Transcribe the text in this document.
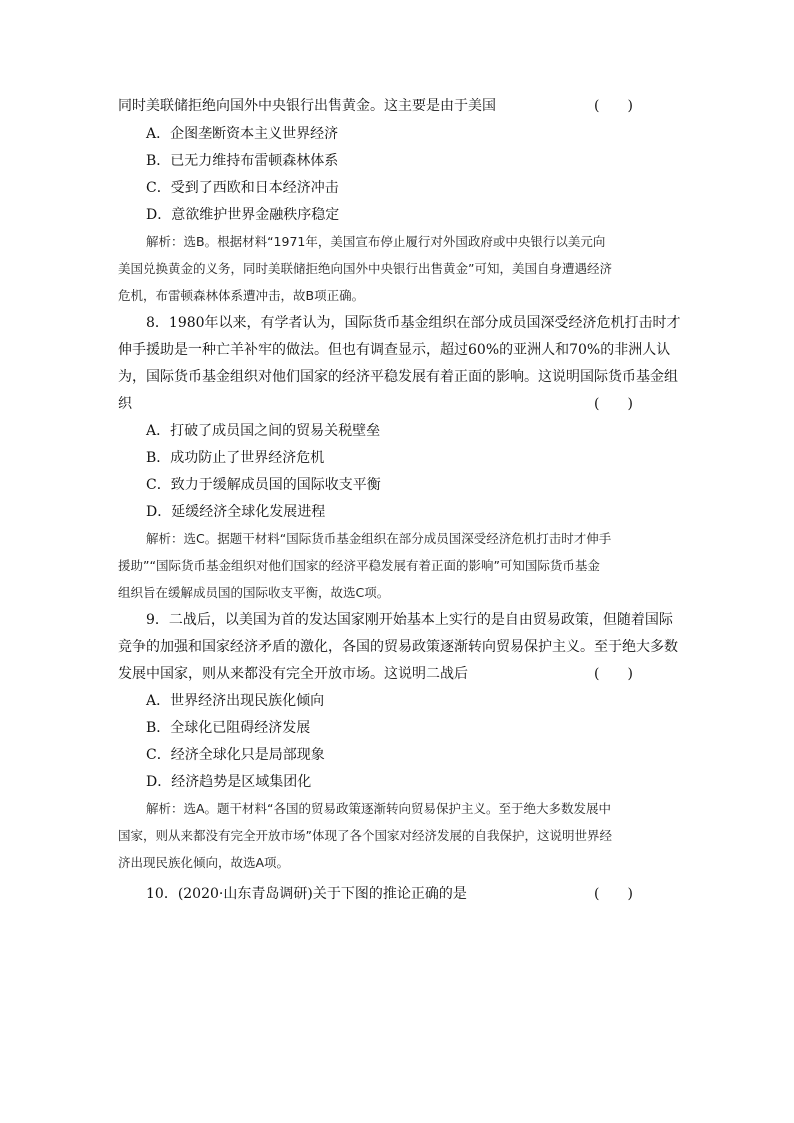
同时美联储拒绝向国外中央银行出售黄金。这主要是由于美国	(　　)
A．企图垄断资本主义世界经济
B．已无力维持布雷顿森林体系
C．受到了西欧和日本经济冲击
D．意欲维护世界金融秩序稳定
解析：选B。根据材料“1971年，美国宣布停止履行对外国政府或中央银行以美元向
美国兑换黄金的义务，同时美联储拒绝向国外中央银行出售黄金”可知，美国自身遭遇经济
危机，布雷顿森林体系遭冲击，故B项正确。
8．1980年以来，有学者认为，国际货币基金组织在部分成员国深受经济危机打击时才
伸手援助是一种亡羊补牢的做法。但也有调查显示，超过60%的亚洲人和70%的非洲人认
为，国际货币基金组织对他们国家的经济平稳发展有着正面的影响。这说明国际货币基金组
织	(　　)
A．打破了成员国之间的贸易关税壁垒
B．成功防止了世界经济危机
C．致力于缓解成员国的国际收支平衡
D．延缓经济全球化发展进程
解析：选C。据题干材料“国际货币基金组织在部分成员国深受经济危机打击时才伸手
援助”“国际货币基金组织对他们国家的经济平稳发展有着正面的影响”可知国际货币基金
组织旨在缓解成员国的国际收支平衡，故选C项。
9．二战后，以美国为首的发达国家刚开始基本上实行的是自由贸易政策，但随着国际
竞争的加强和国家经济矛盾的激化，各国的贸易政策逐渐转向贸易保护主义。至于绝大多数
发展中国家，则从来都没有完全开放市场。这说明二战后	(　　)
A．世界经济出现民族化倾向
B．全球化已阻碍经济发展
C．经济全球化只是局部现象
D．经济趋势是区域集团化
解析：选A。题干材料“各国的贸易政策逐渐转向贸易保护主义。至于绝大多数发展中
国家，则从来都没有完全开放市场”体现了各个国家对经济发展的自我保护，这说明世界经
济出现民族化倾向，故选A项。
10．(2020·山东青岛调研)关于下图的推论正确的是	(　　)
